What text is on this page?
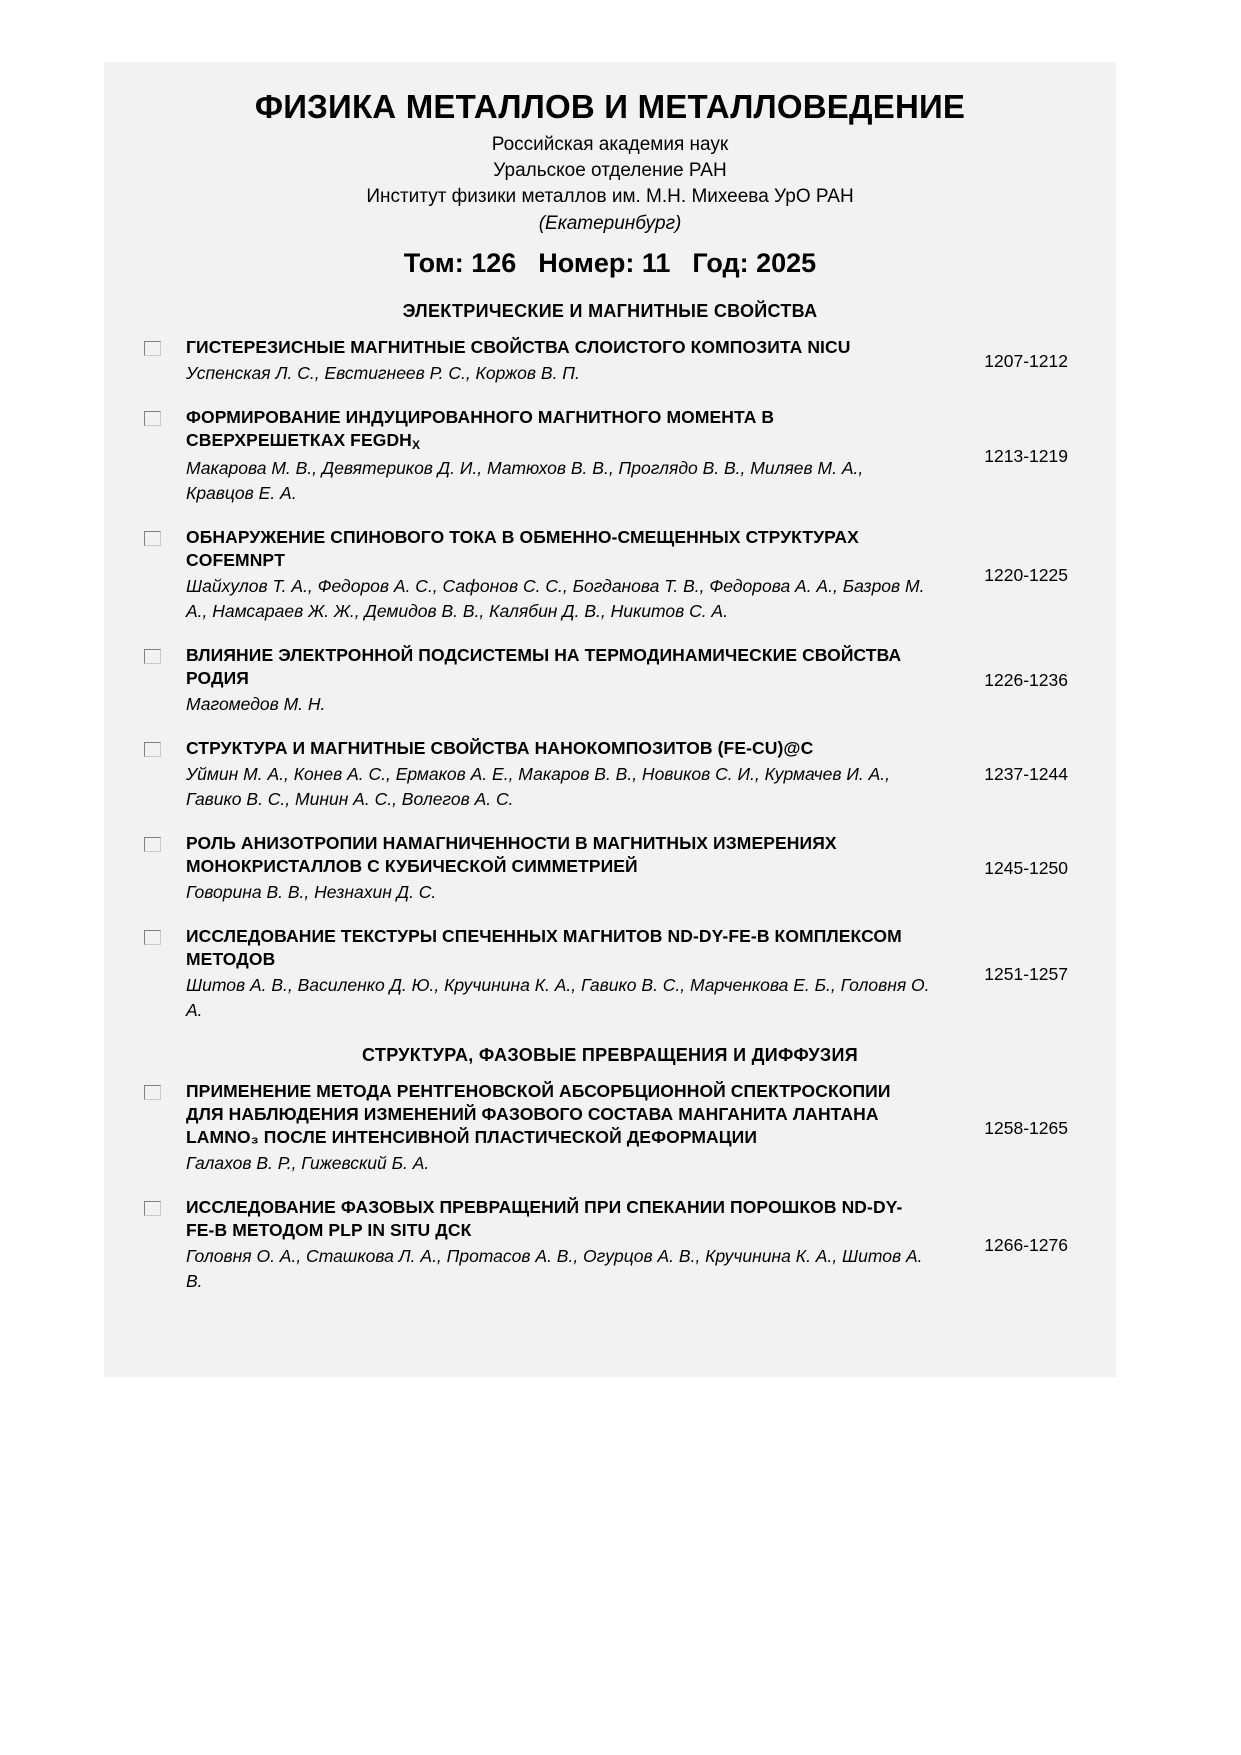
ФИЗИКА МЕТАЛЛОВ И МЕТАЛЛОВЕДЕНИЕ
Российская академия наук
Уральское отделение РАН
Институт физики металлов им. М.Н. Михеева УрО РАН
(Екатеринбург)
Том: 126 Номер: 11 Год: 2025
ЭЛЕКТРИЧЕСКИЕ И МАГНИТНЫЕ СВОЙСТВА
ГИСТЕРЕЗИСНЫЕ МАГНИТНЫЕ СВОЙСТВА СЛОИСТОГО КОМПОЗИТА NICU
Успенская Л. С., Евстигнеев Р. С., Коржов В. П.
1207-1212
ФОРМИРОВАНИЕ ИНДУЦИРОВАННОГО МАГНИТНОГО МОМЕНТА В СВЕРХРЕШЕТКАХ $FEGDH_X$
Макарова М. В., Девятериков Д. И., Матюхов В. В., Проглядо В. В., Миляев М. А., Кравцов Е. А.
1213-1219
ОБНАРУЖЕНИЕ СПИНОВОГО ТОКА В ОБМЕННО-СМЕЩЕННЫХ СТРУКТУРАХ COFEMNPT
Шайхулов Т. А., Федоров А. С., Сафонов С. С., Богданова Т. В., Федорова А. А., Базров М. А., Намсараев Ж. Ж., Демидов В. В., Калябин Д. В., Никитов С. А.
1220-1225
ВЛИЯНИЕ ЭЛЕКТРОННОЙ ПОДСИСТЕМЫ НА ТЕРМОДИНАМИЧЕСКИЕ СВОЙСТВА РОДИЯ
Магомедов М. Н.
1226-1236
СТРУКТУРА И МАГНИТНЫЕ СВОЙСТВА НАНОКОМПОЗИТОВ (FE-CU)@C
Уймин М. А., Конев А. С., Ермаков А. Е., Макаров В. В., Новиков С. И., Курмачев И. А., Гавико В. С., Минин А. С., Волегов А. С.
1237-1244
РОЛЬ АНИЗОТРОПИИ НАМАГНИЧЕННОСТИ В МАГНИТНЫХ ИЗМЕРЕНИЯХ МОНОКРИСТАЛЛОВ С КУБИЧЕСКОЙ СИММЕТРИЕЙ
Говорина В. В., Незнахин Д. С.
1245-1250
ИССЛЕДОВАНИЕ ТЕКСТУРЫ СПЕЧЕННЫХ МАГНИТОВ ND-DY-FE-B КОМПЛЕКСОМ МЕТОДОВ
Шитов А. В., Василенко Д. Ю., Кручинина К. А., Гавико В. С., Марченкова Е. Б., Головня О. А.
1251-1257
СТРУКТУРА, ФАЗОВЫЕ ПРЕВРАЩЕНИЯ И ДИФФУЗИЯ
ПРИМЕНЕНИЕ МЕТОДА РЕНТГЕНОВСКОЙ АБСОРБЦИОННОЙ СПЕКТРОСКОПИИ ДЛЯ НАБЛЮДЕНИЯ ИЗМЕНЕНИЙ ФАЗОВОГО СОСТАВА МАНГАНИТА ЛАНТАНА LAMNO₃ ПОСЛЕ ИНТЕНСИВНОЙ ПЛАСТИЧЕСКОЙ ДЕФОРМАЦИИ
Галахов В. Р., Гижевский Б. А.
1258-1265
ИССЛЕДОВАНИЕ ФАЗОВЫХ ПРЕВРАЩЕНИЙ ПРИ СПЕКАНИИ ПОРОШКОВ ND-DY-FE-B МЕТОДОМ PLP IN SITU ДСК
Головня О. А., Сташкова Л. А., Протасов А. В., Огурцов А. В., Кручинина К. А., Шитов А. В.
1266-1276
